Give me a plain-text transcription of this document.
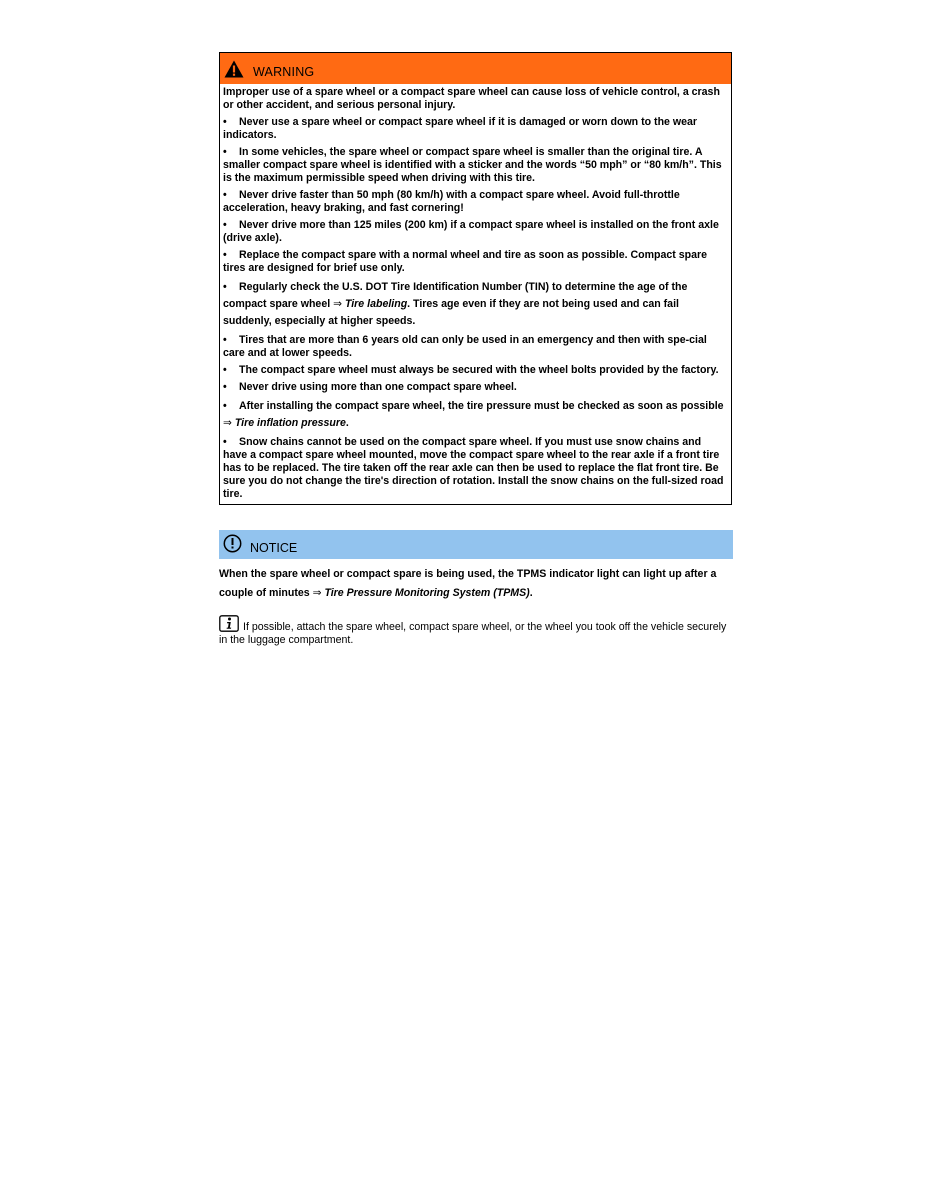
WARNING

Improper use of a spare wheel or a compact spare wheel can cause loss of vehicle control, a crash or other accident, and serious personal injury.

• Never use a spare wheel or compact spare wheel if it is damaged or worn down to the wear indicators.

• In some vehicles, the spare wheel or compact spare wheel is smaller than the original tire. A smaller compact spare wheel is identified with a sticker and the words “50 mph” or “80 km/h”. This is the maximum permissible speed when driving with this tire.

• Never drive faster than 50 mph (80 km/h) with a compact spare wheel. Avoid full-throttle acceleration, heavy braking, and fast cornering!

• Never drive more than 125 miles (200 km) if a compact spare wheel is installed on the front axle (drive axle).

• Replace the compact spare with a normal wheel and tire as soon as possible. Compact spare tires are designed for brief use only.

• Regularly check the U.S. DOT Tire Identification Number (TIN) to determine the age of the compact spare wheel ⇒ Tire labeling. Tires age even if they are not being used and can fail suddenly, especially at higher speeds.

• Tires that are more than 6 years old can only be used in an emergency and then with spe-cial care and at lower speeds.

• The compact spare wheel must always be secured with the wheel bolts provided by the factory.

• Never drive using more than one compact spare wheel.

• After installing the compact spare wheel, the tire pressure must be checked as soon as possible ⇒ Tire inflation pressure.

• Snow chains cannot be used on the compact spare wheel. If you must use snow chains and have a compact spare wheel mounted, move the compact spare wheel to the rear axle if a front tire has to be replaced. The tire taken off the rear axle can then be used to replace the flat front tire. Be sure you do not change the tire's direction of rotation. Install the snow chains on the full-sized road tire.

NOTICE

When the spare wheel or compact spare is being used, the TPMS indicator light can light up after a couple of minutes ⇒ Tire Pressure Monitoring System (TPMS).

If possible, attach the spare wheel, compact spare wheel, or the wheel you took off the vehicle securely in the luggage compartment.
